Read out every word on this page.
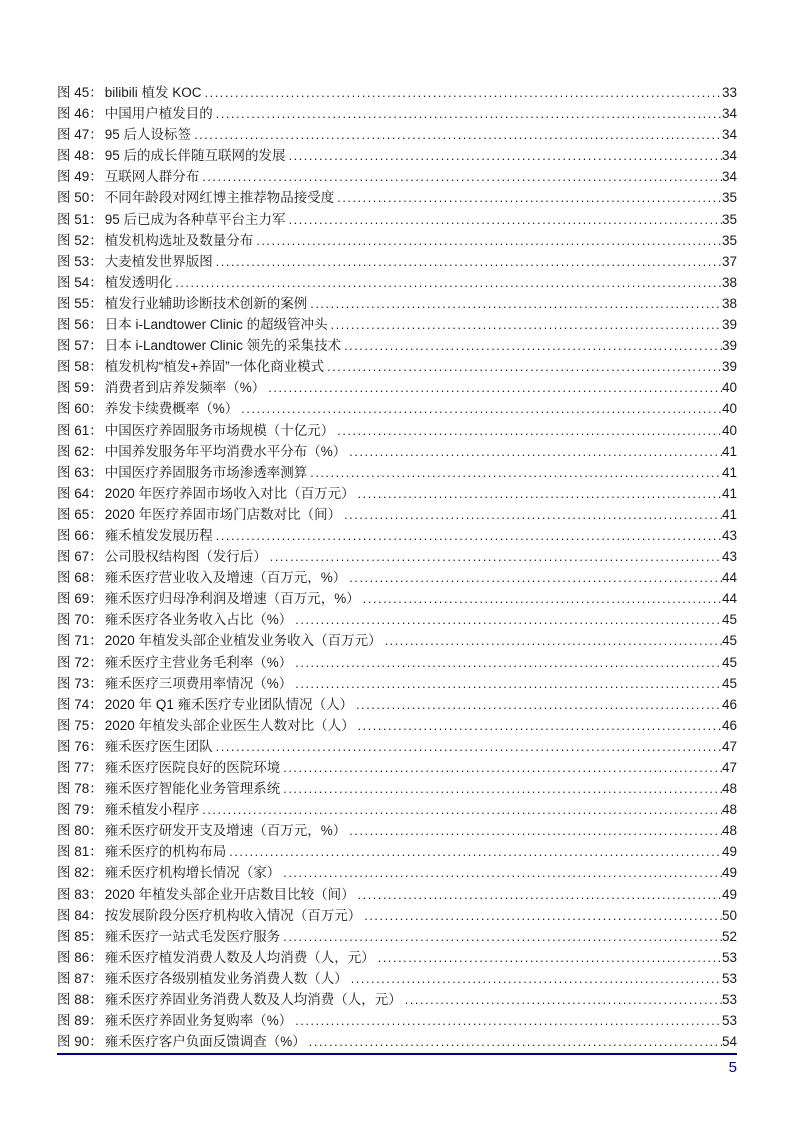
图 45： bilibili 植发 KOC .....	33
图 46： 中国用户植发目的 .....	34
图 47： 95 后人设标签 .....	34
图 48： 95 后的成长伴随互联网的发展 .....	34
图 49： 互联网人群分布 .....	34
图 50： 不同年龄段对网红博主推荐物品接受度 .....	35
图 51： 95 后已成为各种草平台主力军 .....	35
图 52： 植发机构选址及数量分布 .....	35
图 53： 大麦植发世界版图 .....	37
图 54： 植发透明化 .....	38
图 55： 植发行业辅助诊断技术创新的案例 .....	38
图 56： 日本 i-Landtower Clinic 的超级管冲头 .....	39
图 57： 日本 i-Landtower Clinic 领先的采集技术 .....	39
图 58： 植发机构“植发+养固”一体化商业模式 .....	39
图 59： 消费者到店养发频率（%） .....	40
图 60： 养发卡续费概率（%） .....	40
图 61： 中国医疗养固服务市场规模（十亿元） .....	40
图 62： 中国养发服务年平均消费水平分布（%） .....	41
图 63： 中国医疗养固服务市场渗透率测算 .....	41
图 64： 2020 年医疗养固市场收入对比（百万元） .....	41
图 65： 2020 年医疗养固市场门店数对比（间） .....	41
图 66： 雍禾植发发展历程 .....	43
图 67： 公司股权结构图（发行后） .....	43
图 68： 雍禾医疗营业收入及增速（百万元，%） .....	44
图 69： 雍禾医疗归母净利润及增速（百万元，%） .....	44
图 70： 雍禾医疗各业务收入占比（%） .....	45
图 71： 2020 年植发头部企业植发业务收入（百万元） .....	45
图 72： 雍禾医疗主营业务毛利率（%） .....	45
图 73： 雍禾医疗三项费用率情况（%） .....	45
图 74： 2020 年 Q1 雍禾医疗专业团队情况（人） .....	46
图 75： 2020 年植发头部企业医生人数对比（人） .....	46
图 76： 雍禾医疗医生团队 .....	47
图 77： 雍禾医疗医院良好的医院环境 .....	47
图 78： 雍禾医疗智能化业务管理系统 .....	48
图 79： 雍禾植发小程序 .....	48
图 80： 雍禾医疗研发开支及增速（百万元，%） .....	48
图 81： 雍禾医疗的机构布局 .....	49
图 82： 雍禾医疗机构增长情况（家） .....	49
图 83： 2020 年植发头部企业开店数目比较（间） .....	49
图 84： 按发展阶段分医疗机构收入情况（百万元） .....	50
图 85： 雍禾医疗一站式毛发医疗服务 .....	52
图 86： 雍禾医疗植发消费人数及人均消费（人，元） .....	53
图 87： 雍禾医疗各级别植发业务消费人数（人） .....	53
图 88： 雍禾医疗养固业务消费人数及人均消费（人，元） .....	53
图 89： 雍禾医疗养固业务复购率（%） .....	53
图 90： 雍禾医疗客户负面反馈调查（%） .....	54
5
